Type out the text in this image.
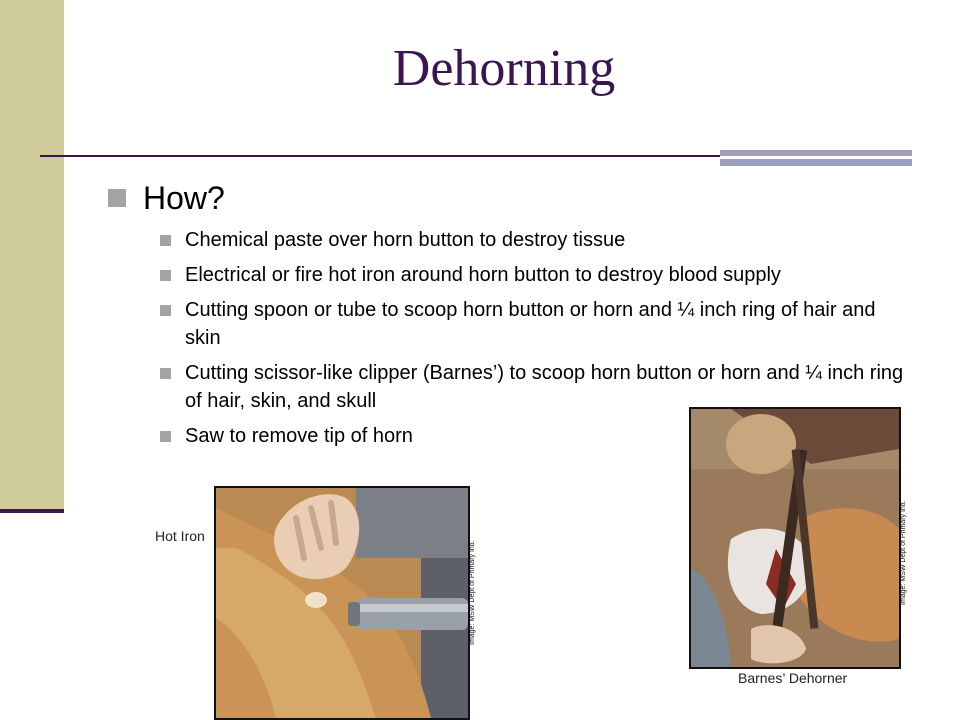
Dehorning
How?
Chemical paste over horn button to destroy tissue
Electrical or fire hot iron around horn button to destroy blood supply
Cutting spoon or tube to scoop horn button or horn and ¼ inch ring of hair and skin
Cutting scissor-like clipper (Barnes’) to scoop horn button or horn and ¼ inch ring of hair, skin, and skull
Saw to remove tip of horn
Hot Iron
Image: MSW Dept of Primary Ind.	Image: MSW Dept of Primary Ind.
Barnes’ Dehorner
